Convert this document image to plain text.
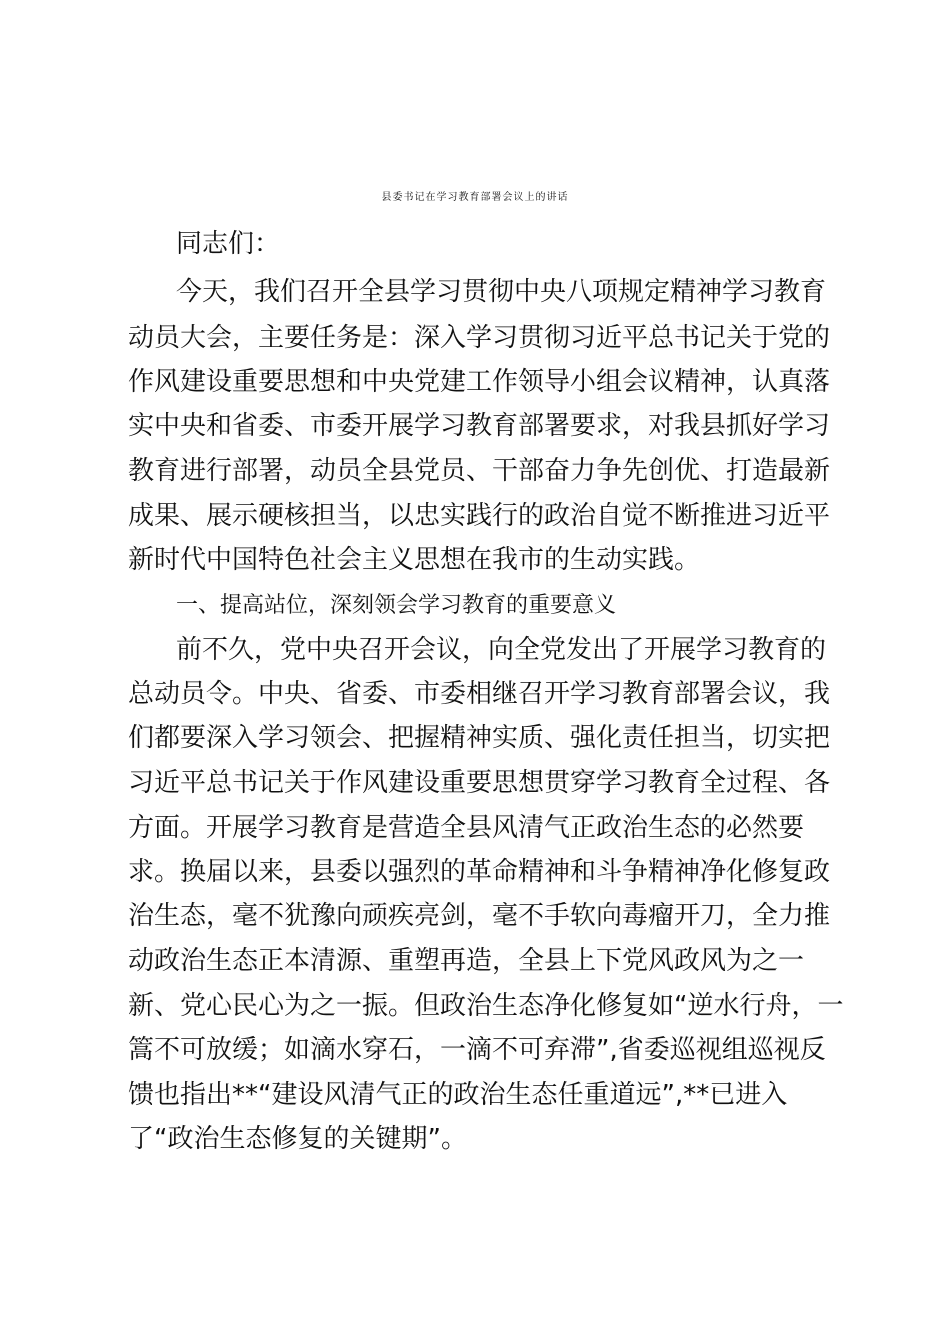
县委书记在学习教育部署会议上的讲话
同志们：
今天，我们召开全县学习贯彻中央八项规定精神学习教育
动员大会，主要任务是：深入学习贯彻习近平总书记关于党的
作风建设重要思想和中央党建工作领导小组会议精神，认真落
实中央和省委、市委开展学习教育部署要求，对我县抓好学习
教育进行部署，动员全县党员、干部奋力争先创优、打造最新
成果、展示硬核担当，以忠实践行的政治自觉不断推进习近平
新时代中国特色社会主义思想在我市的生动实践。
一、提高站位，深刻领会学习教育的重要意义
前不久，党中央召开会议，向全党发出了开展学习教育的
总动员令。中央、省委、市委相继召开学习教育部署会议，我
们都要深入学习领会、把握精神实质、强化责任担当，切实把
习近平总书记关于作风建设重要思想贯穿学习教育全过程、各
方面。开展学习教育是营造全县风清气正政治生态的必然要
求。换届以来，县委以强烈的革命精神和斗争精神净化修复政
治生态，毫不犹豫向顽疾亮剑，毫不手软向毒瘤开刀，全力推
动政治生态正本清源、重塑再造，全县上下党风政风为之一
新、党心民心为之一振。但政治生态净化修复如“逆水行舟，一
篙不可放缓；如滴水穿石，一滴不可弃滞”,省委巡视组巡视反
馈也指出**“建设风清气正的政治生态任重道远”,**已进入
了“政治生态修复的关键期”。
